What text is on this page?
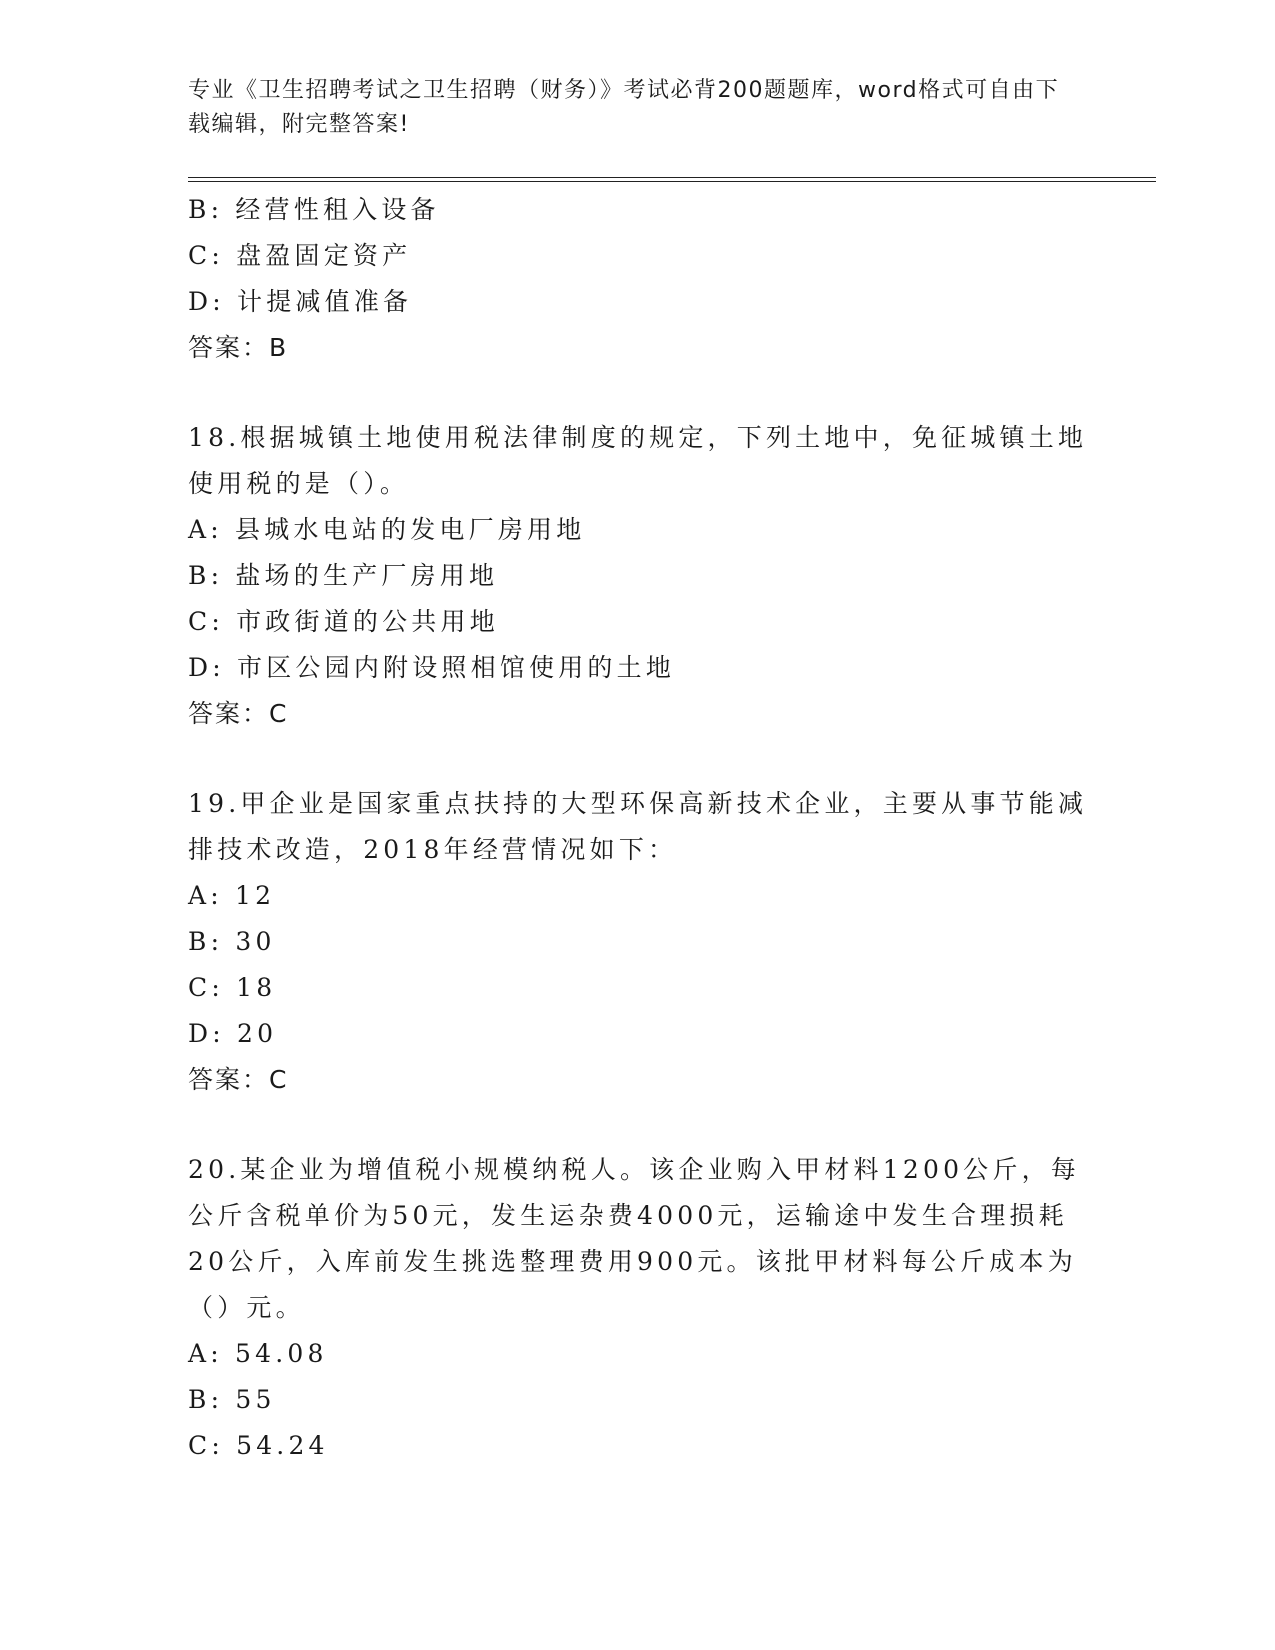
专业《卫生招聘考试之卫生招聘（财务）》考试必背200题题库，word格式可自由下载编辑，附完整答案!
B: 经营性租入设备
C: 盘盈固定资产
D: 计提减值准备
答案：B
18.根据城镇土地使用税法律制度的规定，下列土地中，免征城镇土地使用税的是（）。
A: 县城水电站的发电厂房用地
B: 盐场的生产厂房用地
C: 市政街道的公共用地
D: 市区公园内附设照相馆使用的土地
答案：C
19.甲企业是国家重点扶持的大型环保高新技术企业，主要从事节能减排技术改造，2018年经营情况如下：
A: 12
B: 30
C: 18
D: 20
答案：C
20.某企业为增值税小规模纳税人。该企业购入甲材料1200公斤，每公斤含税单价为50元，发生运杂费4000元，运输途中发生合理损耗20公斤，入库前发生挑选整理费用900元。该批甲材料每公斤成本为（）元。
A: 54.08
B: 55
C: 54.24
